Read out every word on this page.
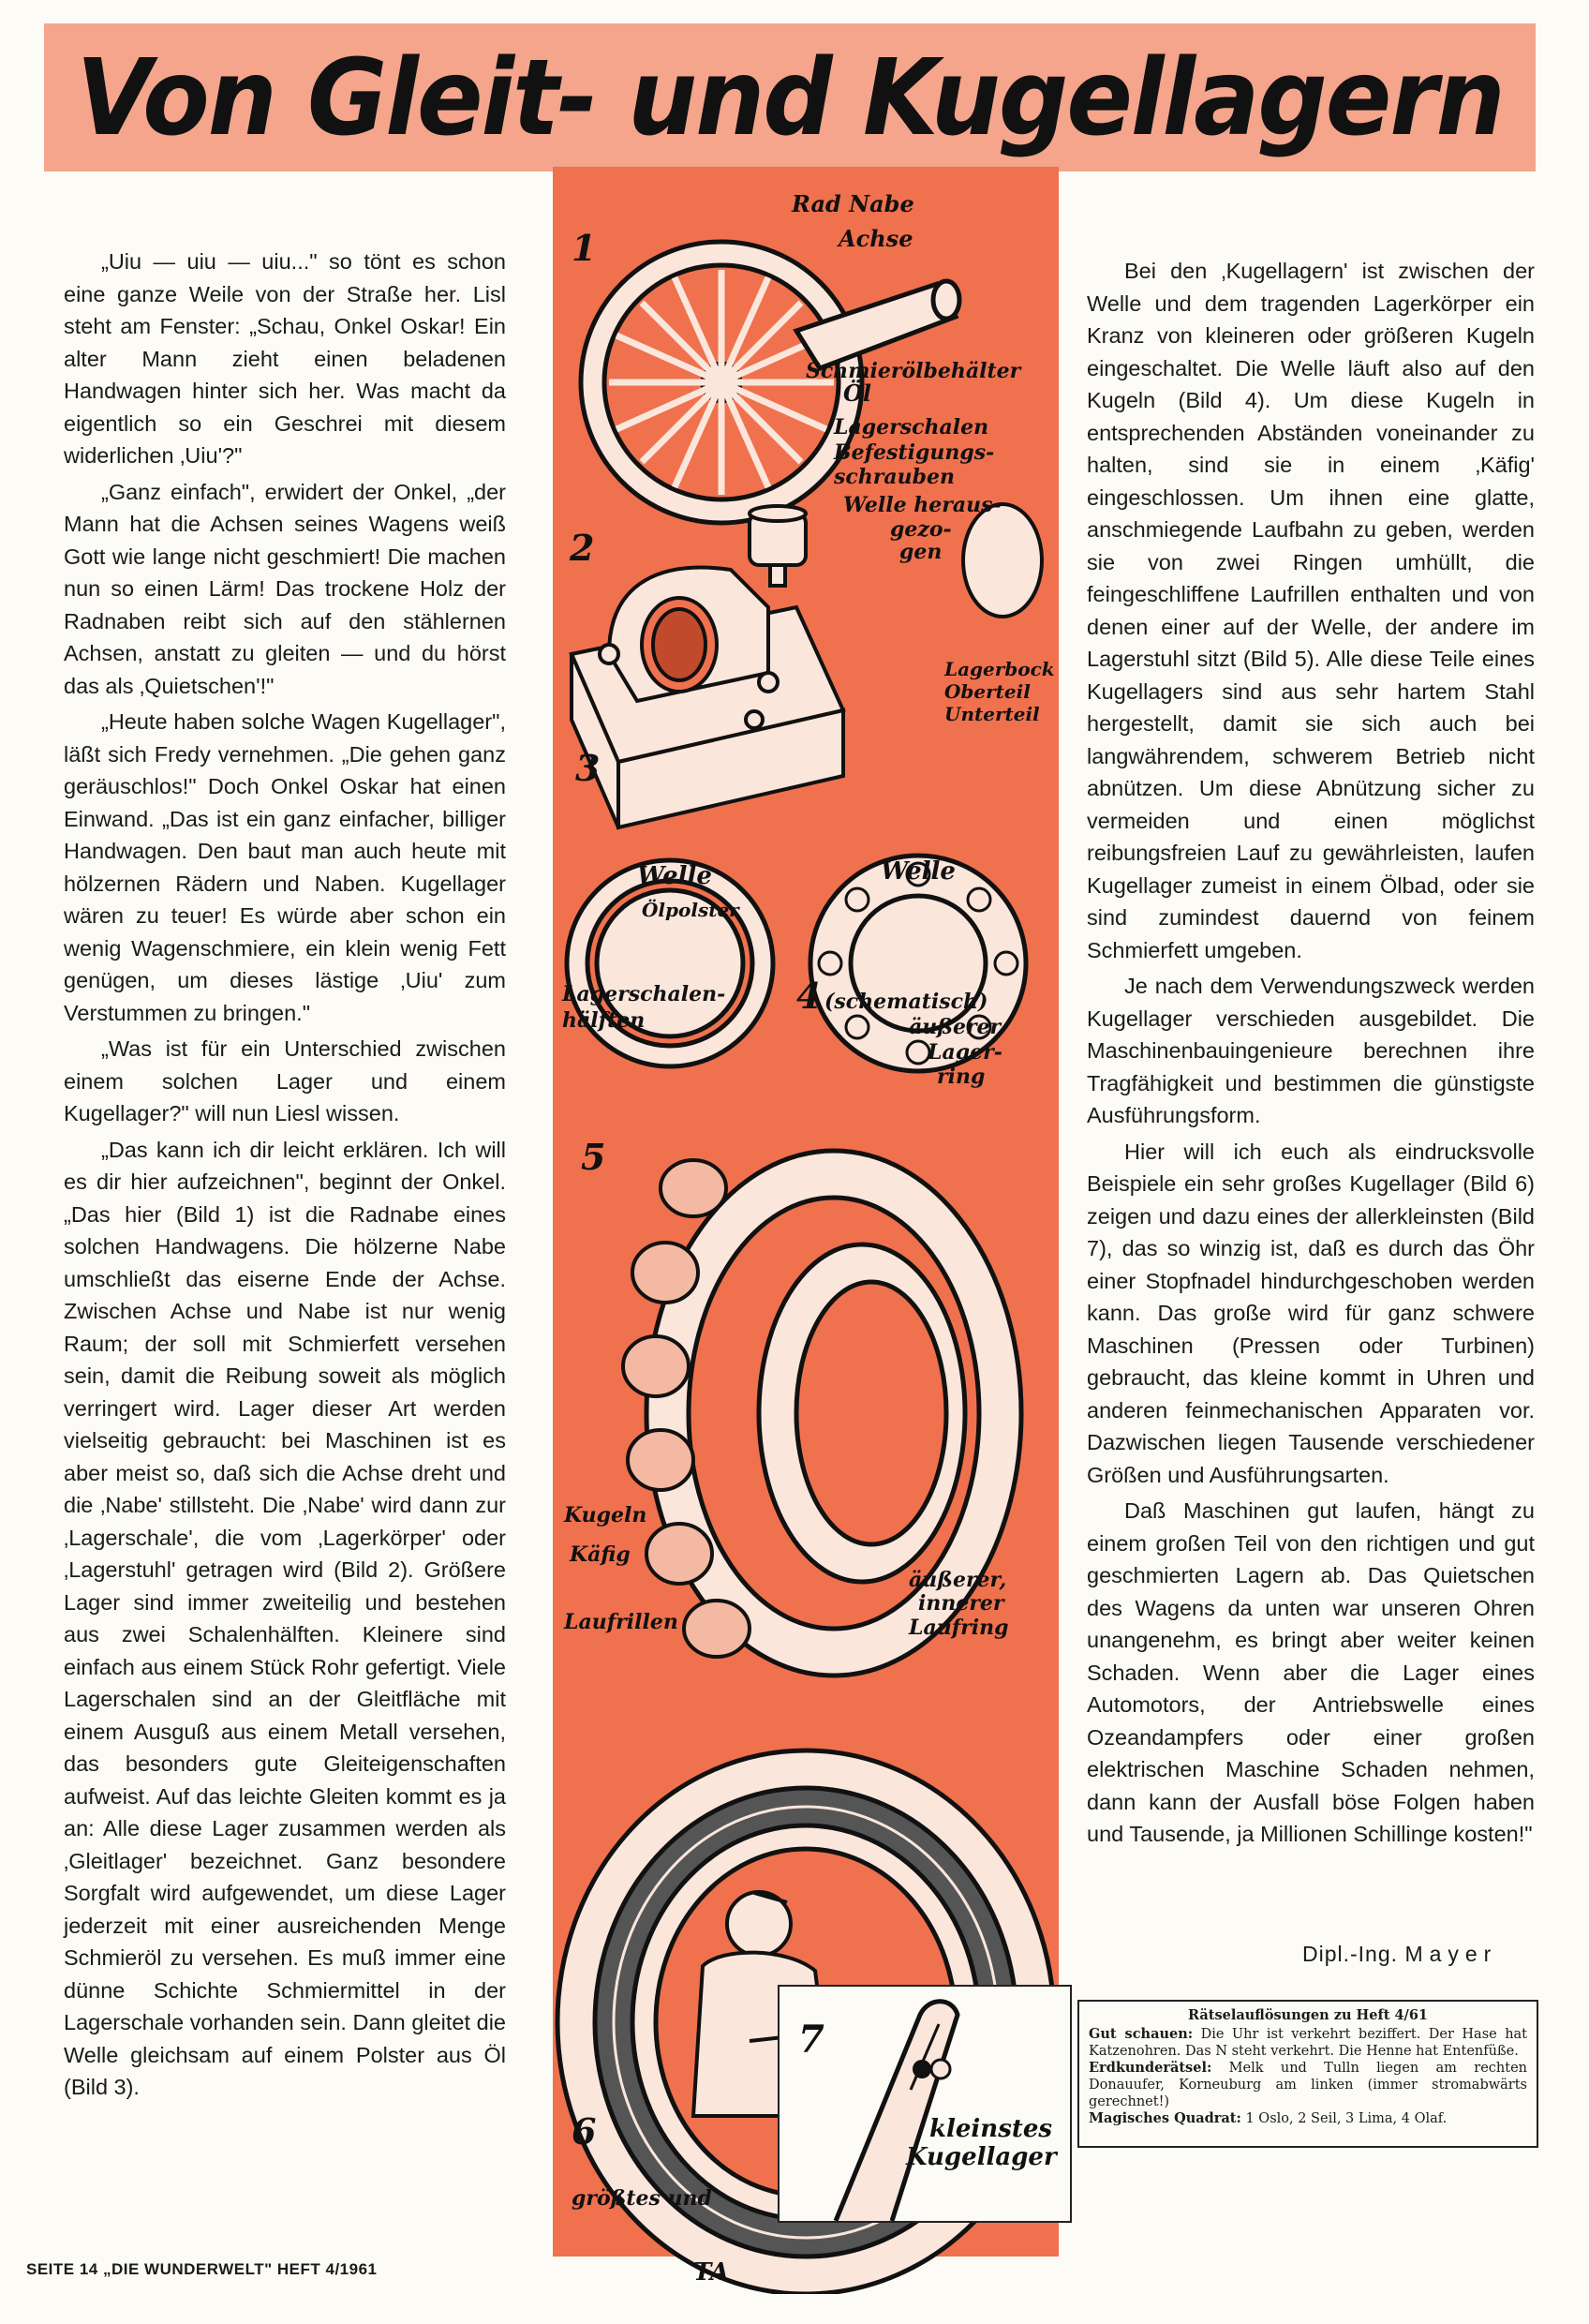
Von Gleit- und Kugellagern

„Uiu — uiu — uiu..." so tönt es schon eine ganze Weile von der Straße her. Lisl steht am Fenster: „Schau, Onkel Oskar! Ein alter Mann zieht einen beladenen Handwagen hinter sich her. Was macht da eigentlich so ein Geschrei mit diesem widerlichen ‚Uiu'?"

„Ganz einfach", erwidert der Onkel, „der Mann hat die Achsen seines Wagens weiß Gott wie lange nicht geschmiert! Die machen nun so einen Lärm! Das trockene Holz der Radnaben reibt sich auf den stählernen Achsen, anstatt zu gleiten — und du hörst das als ‚Quietschen'!"

„Heute haben solche Wagen Kugellager", läßt sich Fredy vernehmen. „Die gehen ganz geräuschlos!" Doch Onkel Oskar hat einen Einwand. „Das ist ein ganz einfacher, billiger Handwagen. Den baut man auch heute mit hölzernen Rädern und Naben. Kugellager wären zu teuer! Es würde aber schon ein wenig Wagenschmiere, ein klein wenig Fett genügen, um dieses lästige ‚Uiu' zum Verstummen zu bringen."

„Was ist für ein Unterschied zwischen einem solchen Lager und einem Kugellager?" will nun Liesl wissen.

„Das kann ich dir leicht erklären. Ich will es dir hier aufzeichnen", beginnt der Onkel. „Das hier (Bild 1) ist die Radnabe eines solchen Handwagens. Die hölzerne Nabe umschließt das eiserne Ende der Achse. Zwischen Achse und Nabe ist nur wenig Raum; der soll mit Schmierfett versehen sein, damit die Reibung soweit als möglich verringert wird. Lager dieser Art werden vielseitig gebraucht: bei Maschinen ist es aber meist so, daß sich die Achse dreht und die ‚Nabe' stillsteht. Die ‚Nabe' wird dann zur ‚Lagerschale', die vom ‚Lagerkörper' oder ‚Lagerstuhl' getragen wird (Bild 2). Größere Lager sind immer zweiteilig und bestehen aus zwei Schalenhälften. Kleinere sind einfach aus einem Stück Rohr gefertigt. Viele Lagerschalen sind an der Gleitfläche mit einem Ausguß aus einem Metall versehen, das besonders gute Gleiteigenschaften aufweist. Auf das leichte Gleiten kommt es ja an: Alle diese Lager zusammen werden als ‚Gleitlager' bezeichnet. Ganz besondere Sorgfalt wird aufgewendet, um diese Lager jederzeit mit einer ausreichenden Menge Schmieröl zu versehen. Es muß immer eine dünne Schichte Schmiermittel in der Lagerschale vorhanden sein. Dann gleitet die Welle gleichsam auf einem Polster aus Öl (Bild 3).

1
2
3
4
5
6
Rad Nabe
Achse
Schmierölbehälter
Öl
Lagerschalen
Befestigungs-
schrauben
Welle heraus-
gezo-
gen
Lagerbock
Oberteil
Unterteil
Welle
Ölpolster
Welle
Lagerschalen-
hälften
(schematisch)
äußerer
Lager-
ring
Kugeln
Käfig
Laufrillen
äußerer,
innerer
Laufring
größtes und
TA
7
kleinstes
Kugellager

Bei den ‚Kugellagern' ist zwischen der Welle und dem tragenden Lagerkörper ein Kranz von kleineren oder größeren Kugeln eingeschaltet. Die Welle läuft also auf den Kugeln (Bild 4). Um diese Kugeln in entsprechenden Abständen voneinander zu halten, sind sie in einem ‚Käfig' eingeschlossen. Um ihnen eine glatte, anschmiegende Laufbahn zu geben, werden sie von zwei Ringen umhüllt, die feingeschliffene Laufrillen enthalten und von denen einer auf der Welle, der andere im Lagerstuhl sitzt (Bild 5). Alle diese Teile eines Kugellagers sind aus sehr hartem Stahl hergestellt, damit sie sich auch bei langwährendem, schwerem Betrieb nicht abnützen. Um diese Abnützung sicher zu vermeiden und einen möglichst reibungsfreien Lauf zu gewährleisten, laufen Kugellager zumeist in einem Ölbad, oder sie sind zumindest dauernd von feinem Schmierfett umgeben.

Je nach dem Verwendungszweck werden Kugellager verschieden ausgebildet. Die Maschinenbauingenieure berechnen ihre Tragfähigkeit und bestimmen die günstigste Ausführungsform.

Hier will ich euch als eindrucksvolle Beispiele ein sehr großes Kugellager (Bild 6) zeigen und dazu eines der allerkleinsten (Bild 7), das so winzig ist, daß es durch das Öhr einer Stopfnadel hindurchgeschoben werden kann. Das große wird für ganz schwere Maschinen (Pressen oder Turbinen) gebraucht, das kleine kommt in Uhren und anderen feinmechanischen Apparaten vor. Dazwischen liegen Tausende verschiedener Größen und Ausführungsarten.

Daß Maschinen gut laufen, hängt zu einem großen Teil von den richtigen und gut geschmierten Lagern ab. Das Quietschen des Wagens da unten war unseren Ohren unangenehm, es bringt aber weiter keinen Schaden. Wenn aber die Lager eines Automotors, der Antriebswelle eines Ozeandampfers oder einer großen elektrischen Maschine Schaden nehmen, dann kann der Ausfall böse Folgen haben und Tausende, ja Millionen Schillinge kosten!"

Dipl.-Ing. Mayer
Rätselauflösungen zu Heft 4/61
Gut schauen: Die Uhr ist verkehrt beziffert. Der Hase hat Katzenohren. Das N steht verkehrt. Die Henne hat Entenfüße.
Erdkunderätsel: Melk und Tulln liegen am rechten Donauufer, Korneuburg am linken (immer stromabwärts gerechnet!)
Magisches Quadrat: 1 Oslo, 2 Seil, 3 Lima, 4 Olaf.
SEITE 14 „DIE WUNDERWELT" HEFT 4/1961
